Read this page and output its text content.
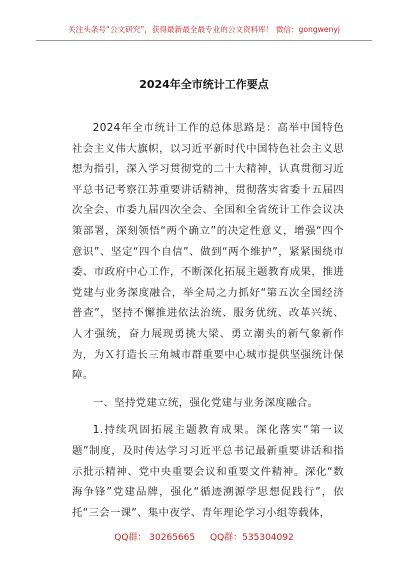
关注头条号“公文研究”，获得最新最全最专业的公文资料库！ 微信：gongwenyj
2024年全市统计工作要点

2024年全市统计工作的总体思路是：高举中国特色社会主义伟大旗帜，以习近平新时代中国特色社会主义思想为指引，深入学习贯彻党的二十大精神，认真贯彻习近平总书记考察江苏重要讲话精神，贯彻落实省委十五届四次全会、市委九届四次全会、全国和全省统计工作会议决策部署，深刻领悟“两个确立”的决定性意义，增强“四个意识”、坚定“四个自信”、做到“两个维护”，紧紧围绕市委、市政府中心工作，不断深化拓展主题教育成果，推进党建与业务深度融合，举全局之力抓好“第五次全国经济普查”，坚持不懈推进依法治统、服务优统、改革兴统、人才强统，奋力展现勇挑大梁、勇立潮头的新气象新作为，为Ｘ打造长三角城市群重要中心城市提供坚强统计保障。

一、坚持党建立统，强化党建与业务深度融合。

1.持续巩固拓展主题教育成果。深化落实“第一议题”制度，及时传达学习习近平总书记最新重要讲话和指示批示精神、党中央重要会议和重要文件精神。深化“数海争锋”党建品牌，强化“循迹溯源学思想促践行”，依托“三会一课”、集中夜学、青年理论学习小组等载体，

QQ群： 30265665 QQ群：535304092
